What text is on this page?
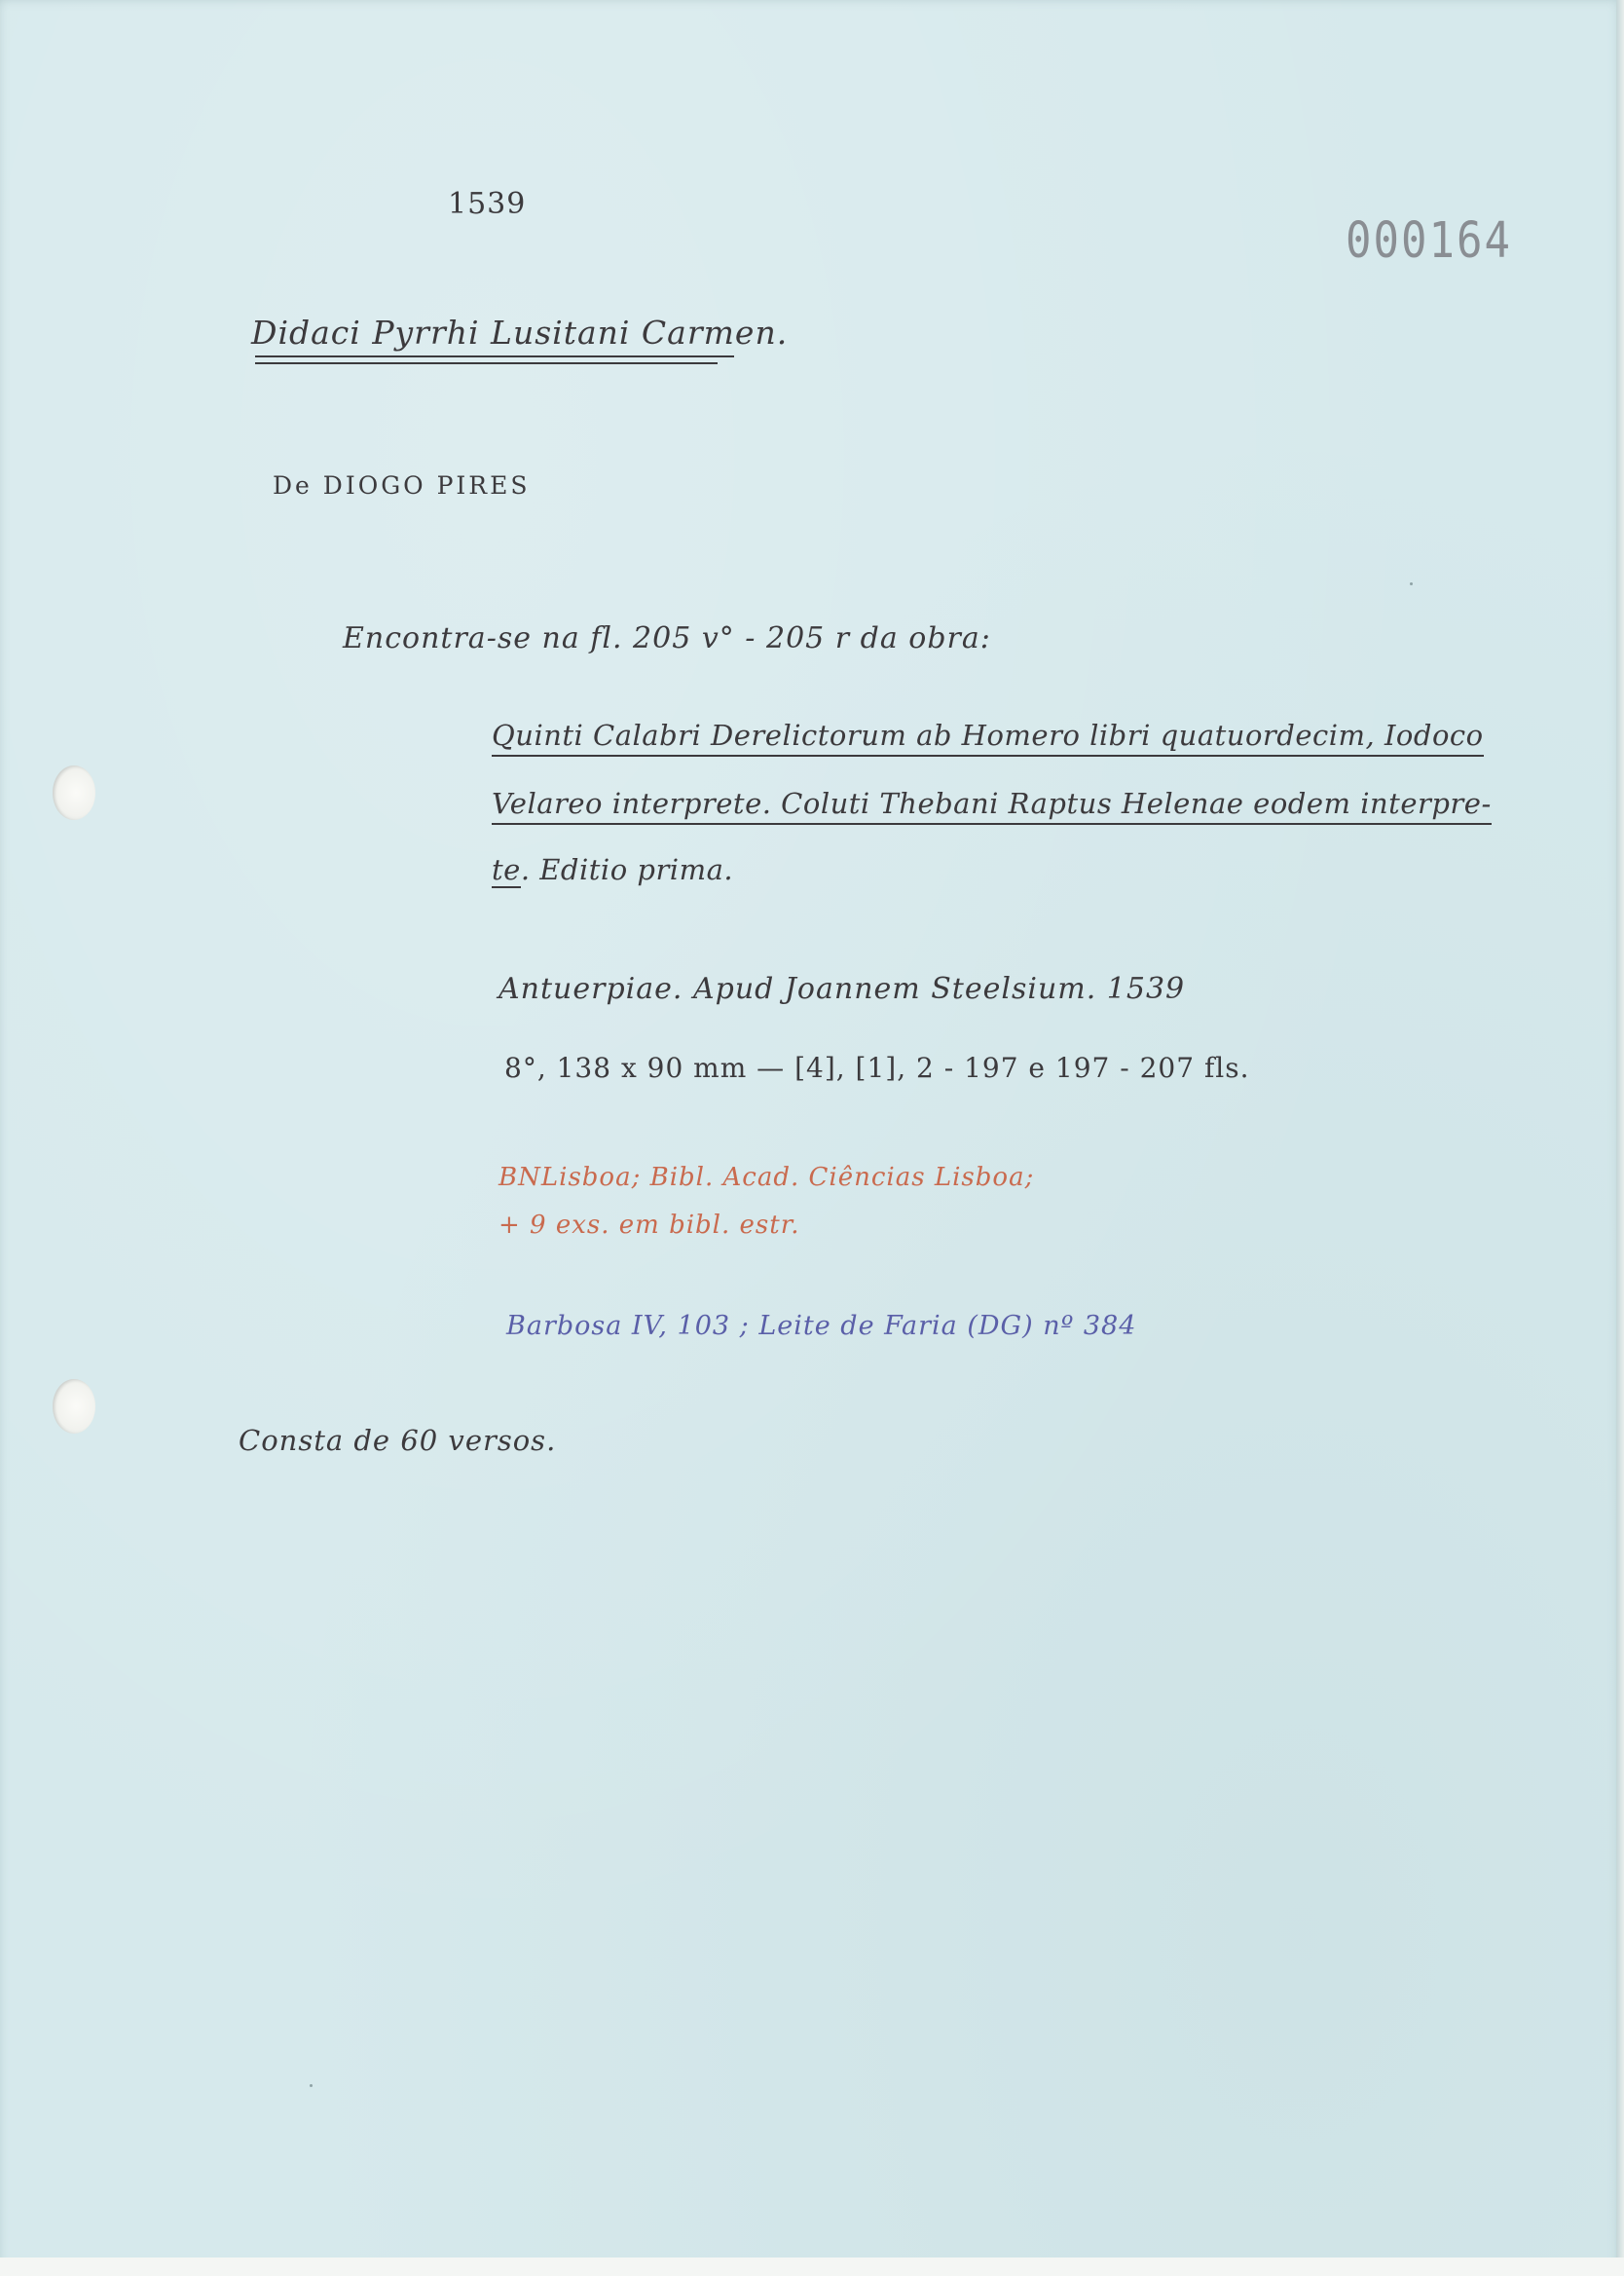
1539
000164
Didaci Pyrrhi Lusitani Carmen.
De DIOGO PIRES
Encontra-se na fl. 205 v° - 205 r da obra:
Quinti Calabri Derelictorum ab Homero libri quatuordecim, Iodoco
Velareo interprete. Coluti Thebani Raptus Helenae eodem interpre-
te. Editio prima.
Antuerpiae. Apud Joannem Steelsium. 1539
8°, 138 x 90 mm — [4], [1], 2 - 197 e 197 - 207 fls.
BNLisboa; Bibl. Acad. Ciências Lisboa;
+ 9 exs. em bibl. estr.
Barbosa IV, 103 ; Leite de Faria (DG) nº 384
Consta de 60 versos.
